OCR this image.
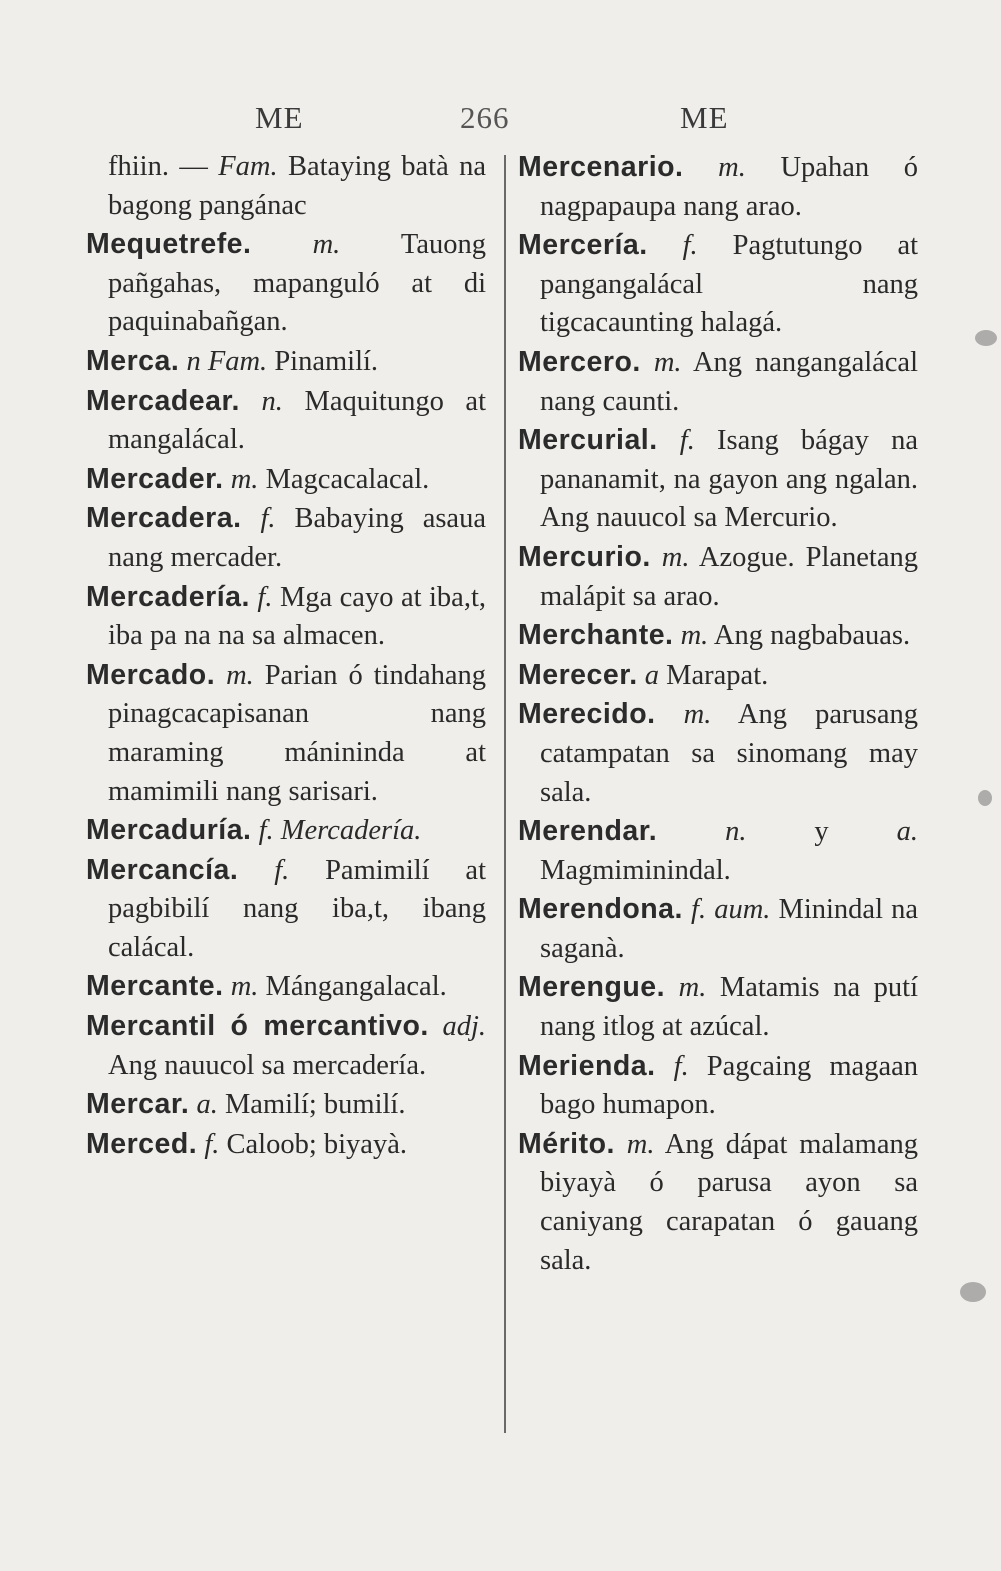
ME	266	ME

fhiin. — Fam. Bataying batà na bagong pangánac

Mequetrefe. m. Tauong pañgahas, mapanguló at di paquinabañgan.

Merca. n Fam. Pinamilí.

Mercadear. n. Maquitungo at mangalácal.

Mercader. m. Magcacalacal.

Mercadera. f. Babaying asaua nang mercader.

Mercadería. f. Mga cayo at iba,t, iba pa na na sa almacen.

Mercado. m. Parian ó tindahang pinagcacapisanan nang maraming mánininda at mamimili nang sarisari.

Mercaduría. f. Mercadería.

Mercancía. f. Pamimilí at pagbibilí nang iba,t, ibang calácal.

Mercante. m. Mángangalacal.

Mercantil ó mercantivo. adj. Ang nauucol sa mercadería.

Mercar. a. Mamilí; bumilí.

Merced. f. Caloob; biyayà.

Mercenario. m. Upahan ó nagpapaupa nang arao.

Mercería. f. Pagtutungo at pangangalácal nang tigcacaunting halagá.

Mercero. m. Ang nangangalácal nang caunti.

Mercurial. f. Isang bágay na pananamit, na gayon ang ngalan. Ang nauucol sa Mercurio.

Mercurio. m. Azogue. Planetang malápit sa arao.

Merchante. m. Ang nagbabauas.

Merecer. a Marapat.

Merecido. m. Ang parusang catampatan sa sinomang may sala.

Merendar. n. y a. Magmiminindal.

Merendona. f. aum. Minindal na saganà.

Merengue. m. Matamis na putí nang itlog at azúcal.

Merienda. f. Pagcaing magaan bago humapon.

Mérito. m. Ang dápat malamang biyayà ó parusa ayon sa caniyang carapatan ó gauang sala.
